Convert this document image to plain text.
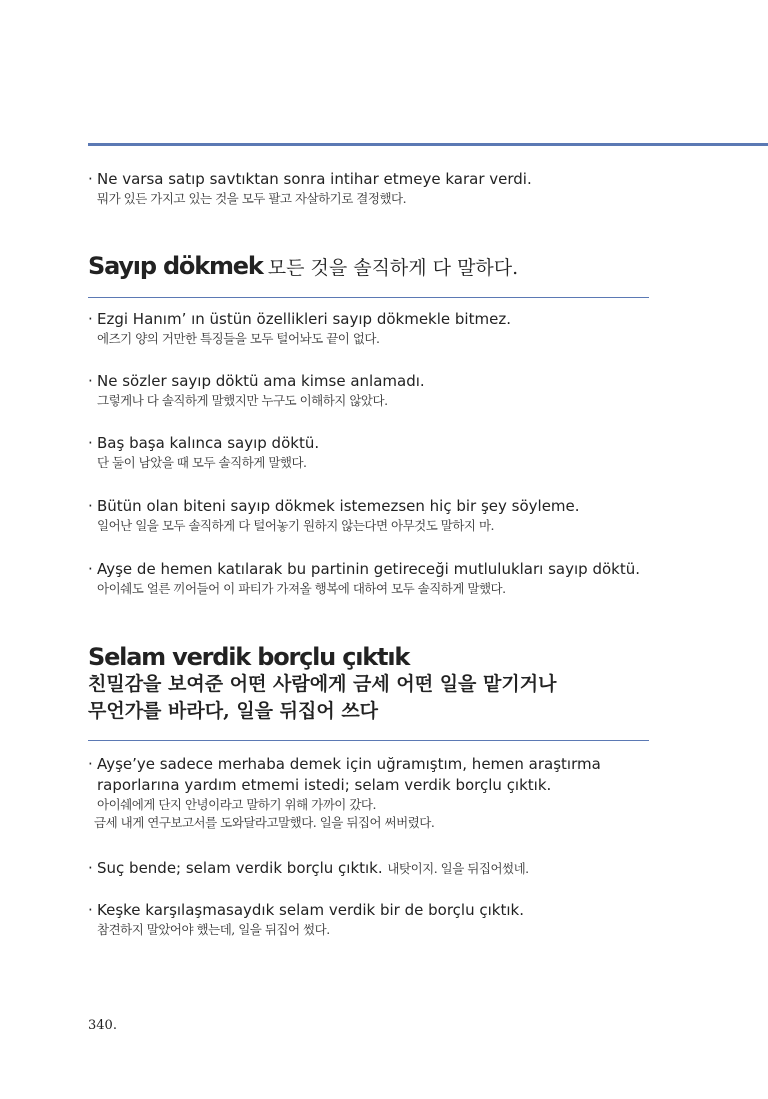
· Ne varsa satıp savtıktan sonra intihar etmeye karar verdi.
뭐가 있든 가지고 있는 것을 모두 팔고 자살하기로 결정했다.
Sayıp dökmek 모든 것을 솔직하게 다 말하다.
· Ezgi Hanım’ ın üstün özellikleri sayıp dökmekle bitmez.
에즈기 양의 거만한 특징들을 모두 털어놔도 끝이 없다.
· Ne sözler sayıp döktü ama kimse anlamadı.
그렇게나 다 솔직하게 말했지만 누구도 이해하지 않았다.
· Baş başa kalınca sayıp döktü.
단 둘이 남았을 때 모두 솔직하게 말했다.
· Bütün olan biteni sayıp dökmek istemezsen hiç bir şey söyleme.
일어난 일을 모두 솔직하게 다 털어놓기 원하지 않는다면 아무것도 말하지 마.
· Ayşe de hemen katılarak bu partinin getireceği mutlulukları sayıp döktü.
아이쉐도 얼른 끼어들어 이 파티가 가져올 행복에 대하여 모두 솔직하게 말했다.
Selam verdik borçlu çıktık
친밀감을 보여준 어떤 사람에게 금세 어떤 일을 맡기거나
무언가를 바라다, 일을 뒤집어 쓰다
· Ayşe’ye sadece merhaba demek için uğramıştım, hemen araştırma raporlarına yardım etmemi istedi; selam verdik borçlu çıktık.
아이쉐에게 단지 안녕이라고 말하기 위해 가까이 갔다.
금세 내게 연구보고서를 도와달라고말했다. 일을 뒤집어 써버렸다.
· Suç bende; selam verdik borçlu çıktık. 내탓이지. 일을 뒤집어썼네.
· Keşke karşılaşmasaydık selam verdik bir de borçlu çıktık.
참견하지 말았어야 했는데, 일을 뒤집어 썼다.
340.
